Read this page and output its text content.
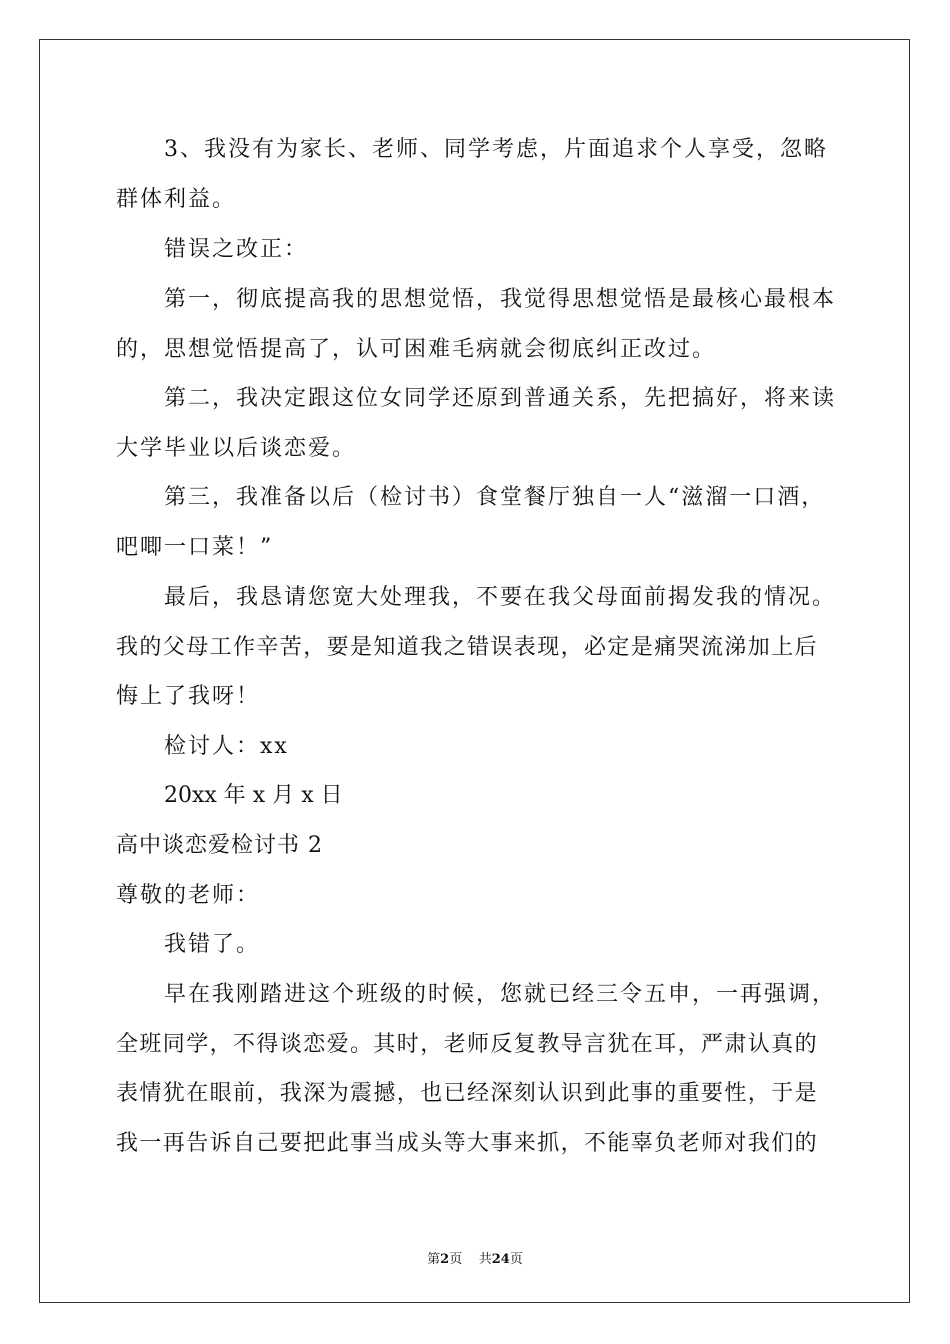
3、我没有为家长、老师、同学考虑，片面追求个人享受，忽略
群体利益。
错误之改正：
第一，彻底提高我的思想觉悟，我觉得思想觉悟是最核心最根本
的，思想觉悟提高了，认可困难毛病就会彻底纠正改过。
第二，我决定跟这位女同学还原到普通关系，先把搞好，将来读
大学毕业以后谈恋爱。
第三，我准备以后（检讨书）食堂餐厅独自一人“滋溜一口酒，
吧唧一口菜！”
最后，我恳请您宽大处理我，不要在我父母面前揭发我的情况。
我的父母工作辛苦，要是知道我之错误表现，必定是痛哭流涕加上后
悔上了我呀！
检讨人：xx
20xx 年 x 月 x 日
高中谈恋爱检讨书 2
尊敬的老师：
我错了。
早在我刚踏进这个班级的时候，您就已经三令五申，一再强调，
全班同学，不得谈恋爱。其时，老师反复教导言犹在耳，严肃认真的
表情犹在眼前，我深为震撼，也已经深刻认识到此事的重要性，于是
我一再告诉自己要把此事当成头等大事来抓，不能辜负老师对我们的
第2页 共24页
